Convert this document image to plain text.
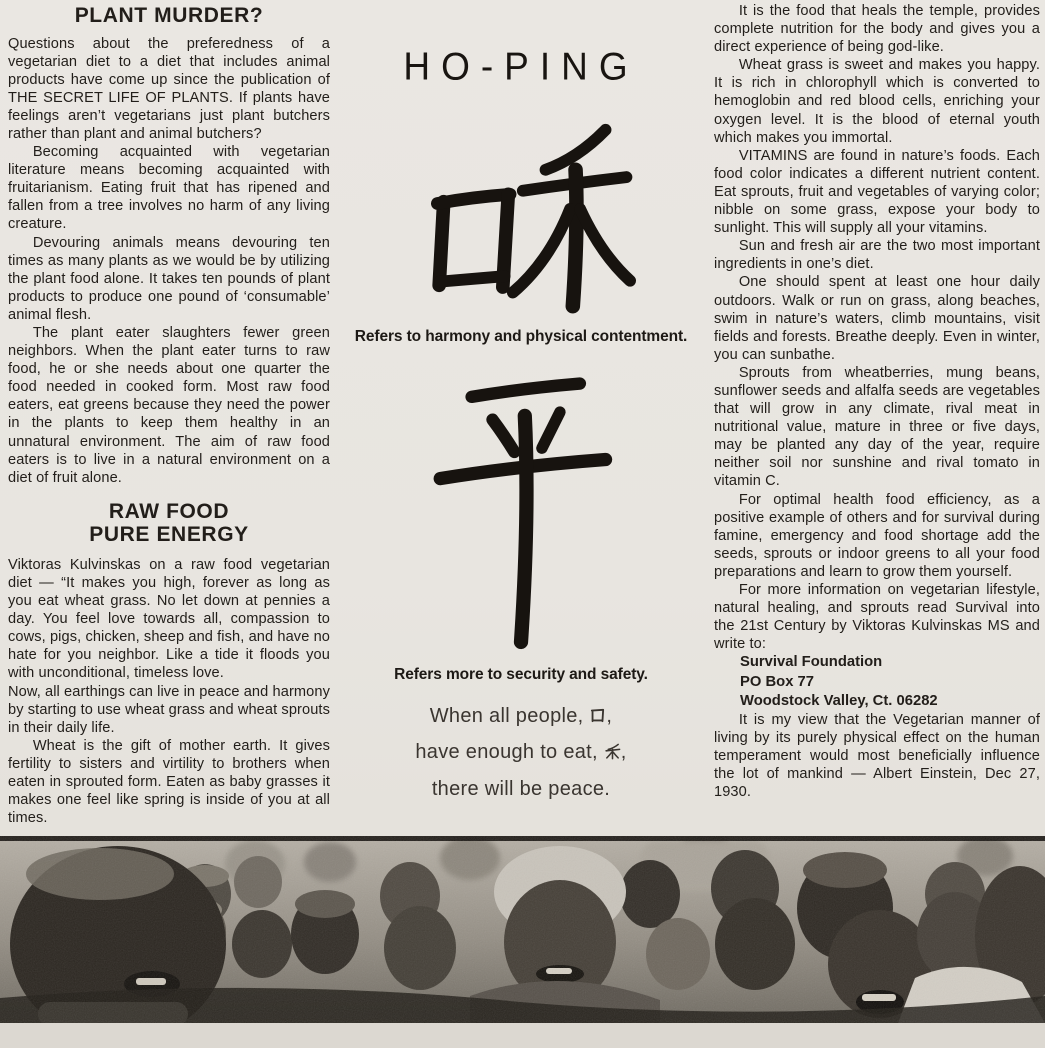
PLANT MURDER?

Questions about the preferedness of a vegetarian diet to a diet that includes animal products have come up since the publication of THE SECRET LIFE OF PLANTS. If plants have feelings aren’t vegetarians just plant butchers rather than plant and animal butchers?

Becoming acquainted with vegetarian literature means becoming acquainted with fruitarianism. Eating fruit that has ripened and fallen from a tree involves no harm of any living creature.

Devouring animals means devouring ten times as many plants as we would be by utilizing the plant food alone. It takes ten pounds of plant products to produce one pound of ‘consumable’ animal flesh.

The plant eater slaughters fewer green neighbors. When the plant eater turns to raw food, he or she needs about one quarter the food needed in cooked form. Most raw food eaters, eat greens because they need the power in the plants to keep them healthy in an unnatural environment. The aim of raw food eaters is to live in a natural environment on a diet of fruit alone.

RAW FOOD
PURE ENERGY

Viktoras Kulvinskas on a raw food vegetarian diet — “It makes you high, forever as long as you eat wheat grass. No let down at pennies a day. You feel love towards all, compassion to cows, pigs, chicken, sheep and fish, and have no hate for you neighbor. Like a tide it floods you with unconditional, timeless love.

Now, all earthings can live in peace and harmony by starting to use wheat grass and wheat sprouts in their daily life.

Wheat is the gift of mother earth. It gives fertility to sisters and virtility to brothers when eaten in sprouted form. Eaten as baby grasses it makes one feel like spring is inside of you at all times.

HO-PING
Refers to harmony and physical contentment.
Refers more to security and safety.
When all people, ,
have enough to eat, ,
there will be peace.

It is the food that heals the temple, provides complete nutrition for the body and gives you a direct experience of being god-like.

Wheat grass is sweet and makes you happy. It is rich in chlorophyll which is converted to hemoglobin and red blood cells, enriching your oxygen level. It is the blood of eternal youth which makes you immortal.

VITAMINS are found in nature’s foods. Each food color indicates a different nutrient content. Eat sprouts, fruit and vegetables of varying color; nibble on some grass, expose your body to sunlight. This will supply all your vitamins.

Sun and fresh air are the two most important ingredients in one’s diet.

One should spent at least one hour daily outdoors. Walk or run on grass, along beaches, swim in nature’s waters, climb mountains, visit fields and forests. Breathe deeply. Even in winter, you can sunbathe.

Sprouts from wheatberries, mung beans, sunflower seeds and alfalfa seeds are vegetables that will grow in any climate, rival meat in nutritional value, mature in three or five days, may be planted any day of the year, require neither soil nor sunshine and rival tomato in vitamin C.

For optimal health food efficiency, as a positive example of others and for survival during famine, emergency and food shortage add the seeds, sprouts or indoor greens to all your food preparations and learn to grow them yourself.

For more information on vegetarian lifestyle, natural healing, and sprouts read Survival into the 21st Century by Viktoras Kulvinskas MS and write to:

Survival Foundation
PO Box 77
Woodstock Valley, Ct. 06282

It is my view that the Vegetarian manner of living by its purely physical effect on the human temperament would most beneficially influence the lot of mankind — Albert Einstein, Dec 27, 1930.
